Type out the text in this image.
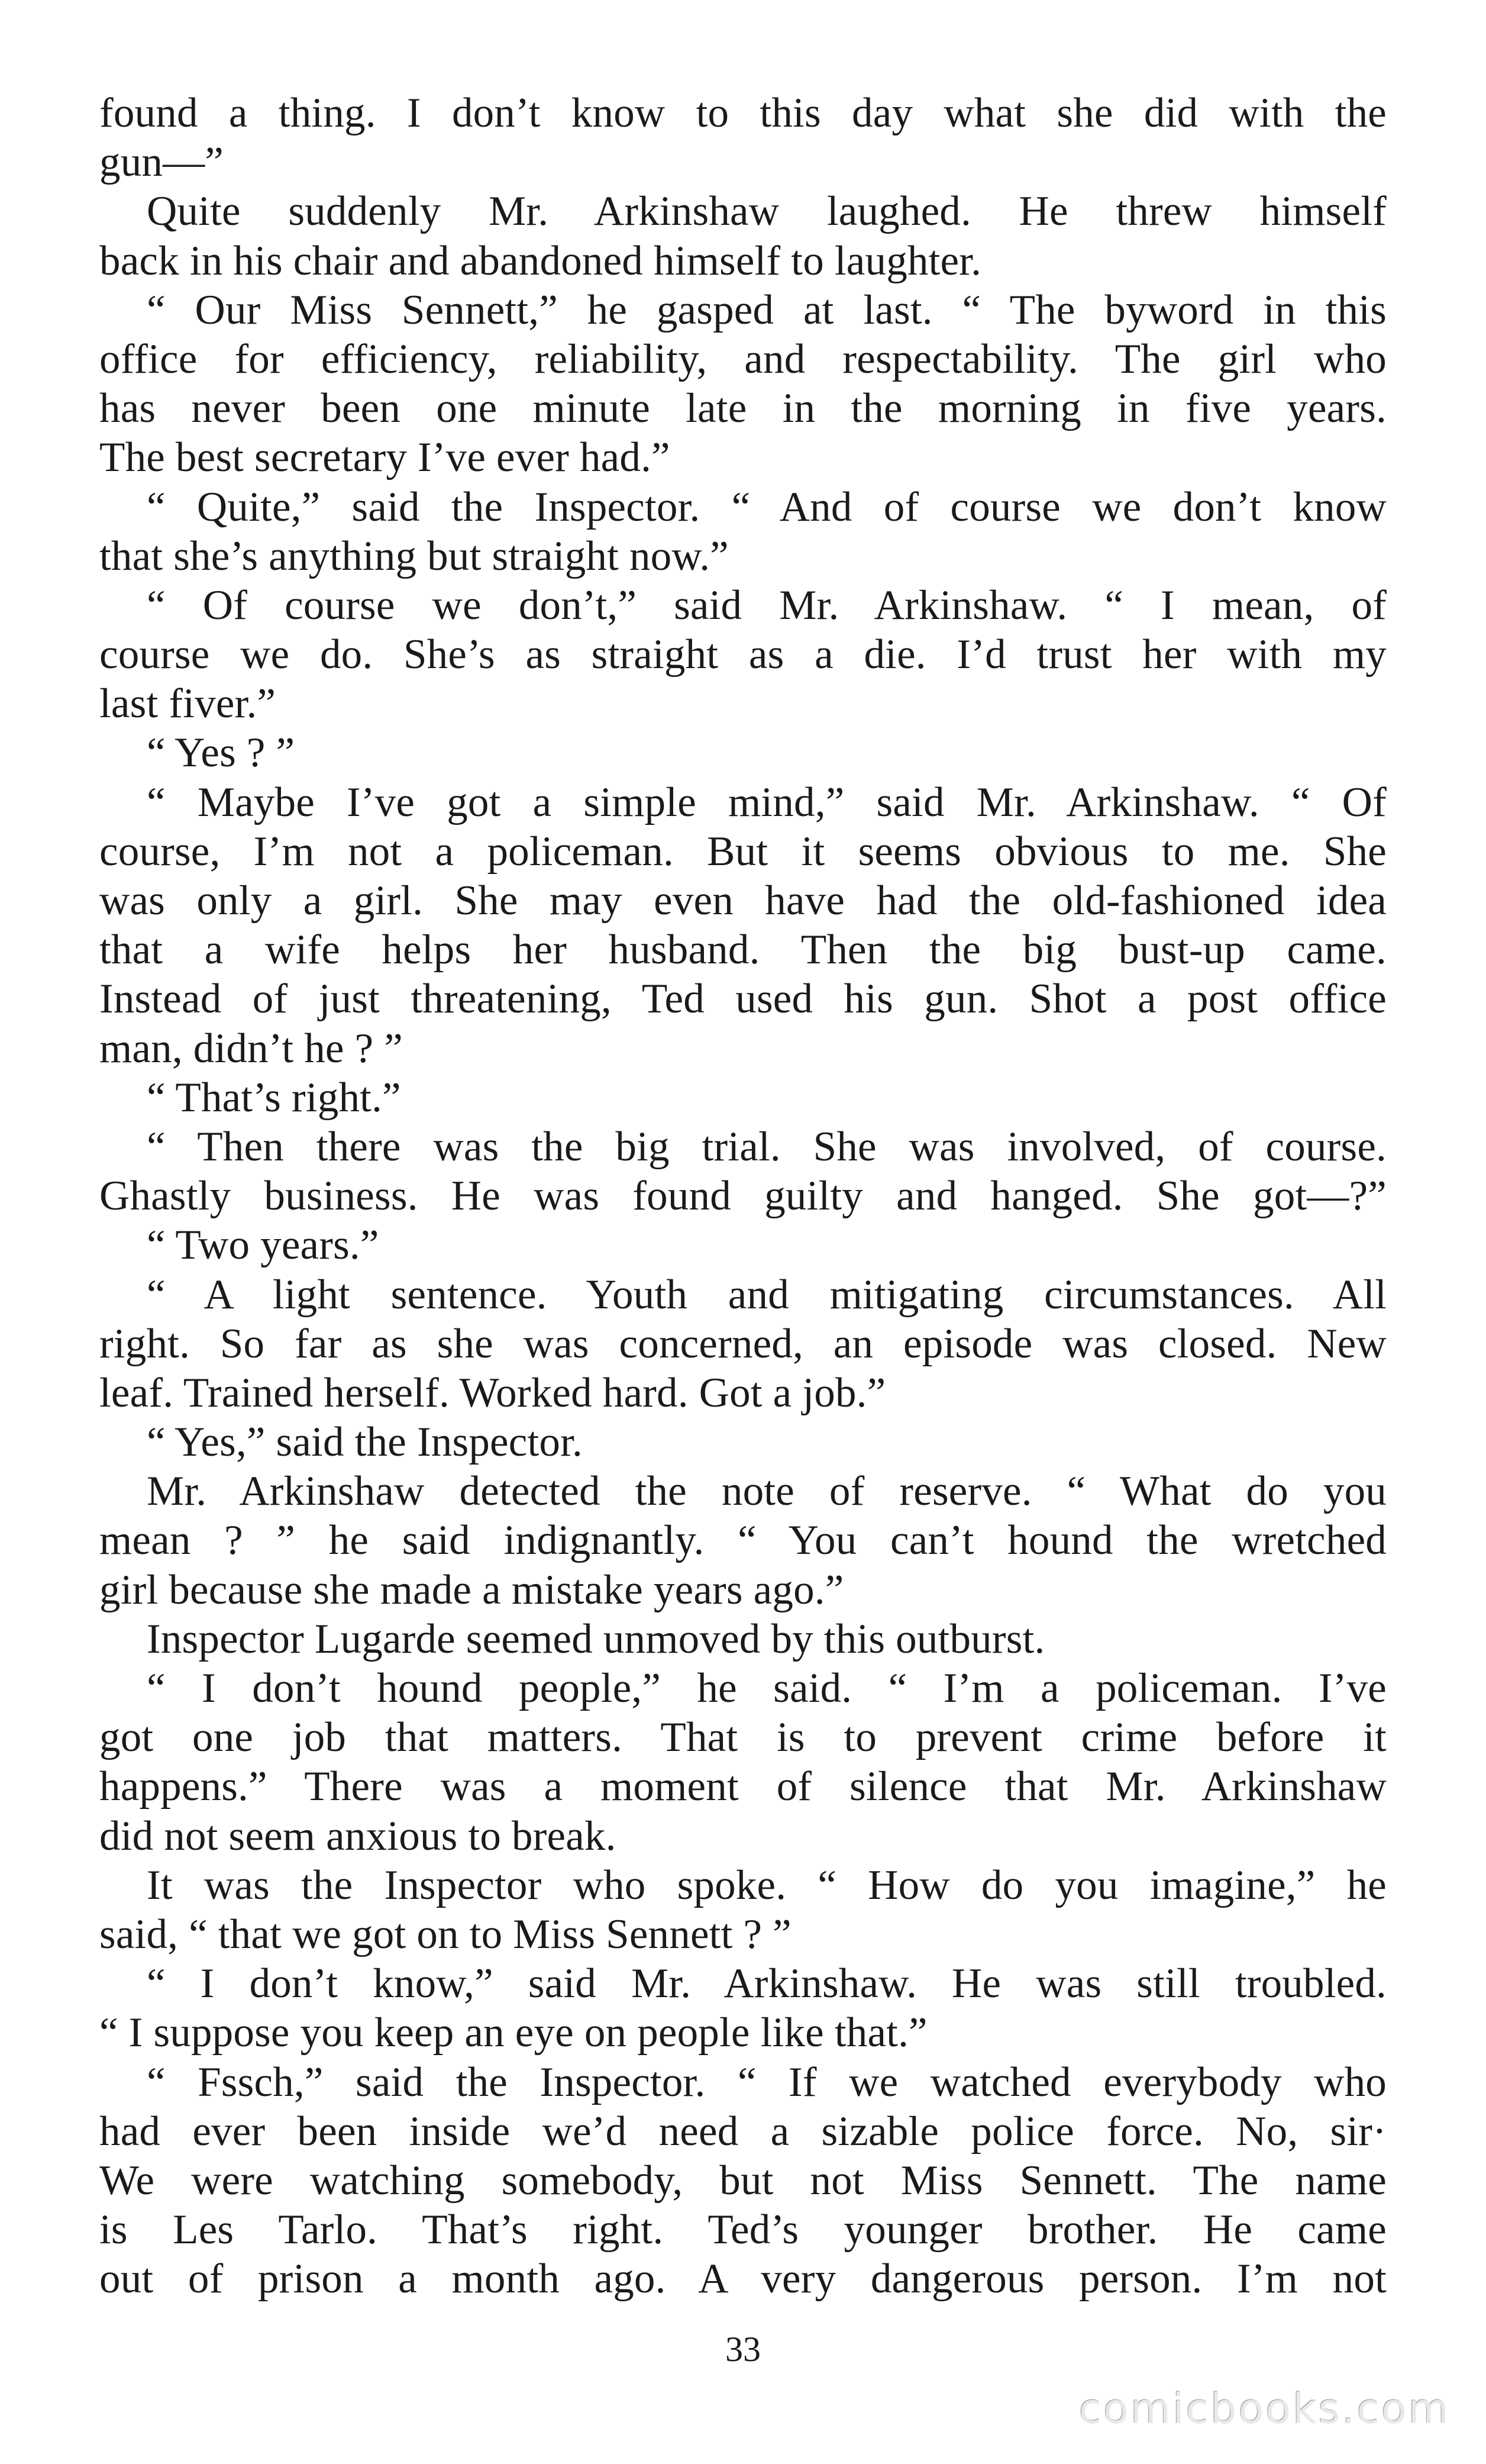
found a thing. I don’t know to this day what she did with the
gun—”
Quite suddenly Mr. Arkinshaw laughed. He threw himself
back in his chair and abandoned himself to laughter.
“ Our Miss Sennett,” he gasped at last. “ The byword in this
office for efficiency, reliability, and respectability. The girl who
has never been one minute late in the morning in five years.
The best secretary I’ve ever had.”
“ Quite,” said the Inspector. “ And of course we don’t know
that she’s anything but straight now.”
“ Of course we don’t,” said Mr. Arkinshaw. “ I mean, of
course we do. She’s as straight as a die. I’d trust her with my
last fiver.”
“ Yes ? ”
“ Maybe I’ve got a simple mind,” said Mr. Arkinshaw. “ Of
course, I’m not a policeman. But it seems obvious to me. She
was only a girl. She may even have had the old-fashioned idea
that a wife helps her husband. Then the big bust-up came.
Instead of just threatening, Ted used his gun. Shot a post office
man, didn’t he ? ”
“ That’s right.”
“ Then there was the big trial. She was involved, of course.
Ghastly business. He was found guilty and hanged. She got—?”
“ Two years.”
“ A light sentence. Youth and mitigating circumstances. All
right. So far as she was concerned, an episode was closed. New
leaf. Trained herself. Worked hard. Got a job.”
“ Yes,” said the Inspector.
Mr. Arkinshaw detected the note of reserve. “ What do you
mean ? ” he said indignantly. “ You can’t hound the wretched
girl because she made a mistake years ago.”
Inspector Lugarde seemed unmoved by this outburst.
“ I don’t hound people,” he said. “ I’m a policeman. I’ve
got one job that matters. That is to prevent crime before it
happens.” There was a moment of silence that Mr. Arkinshaw
did not seem anxious to break.
It was the Inspector who spoke. “ How do you imagine,” he
said, “ that we got on to Miss Sennett ? ”
“ I don’t know,” said Mr. Arkinshaw. He was still troubled.
“ I suppose you keep an eye on people like that.”
“ Fssch,” said the Inspector. “ If we watched everybody who
had ever been inside we’d need a sizable police force. No, sir·
We were watching somebody, but not Miss Sennett. The name
is Les Tarlo. That’s right. Ted’s younger brother. He came
out of prison a month ago. A very dangerous person. I’m not
33
comicbooks.com
